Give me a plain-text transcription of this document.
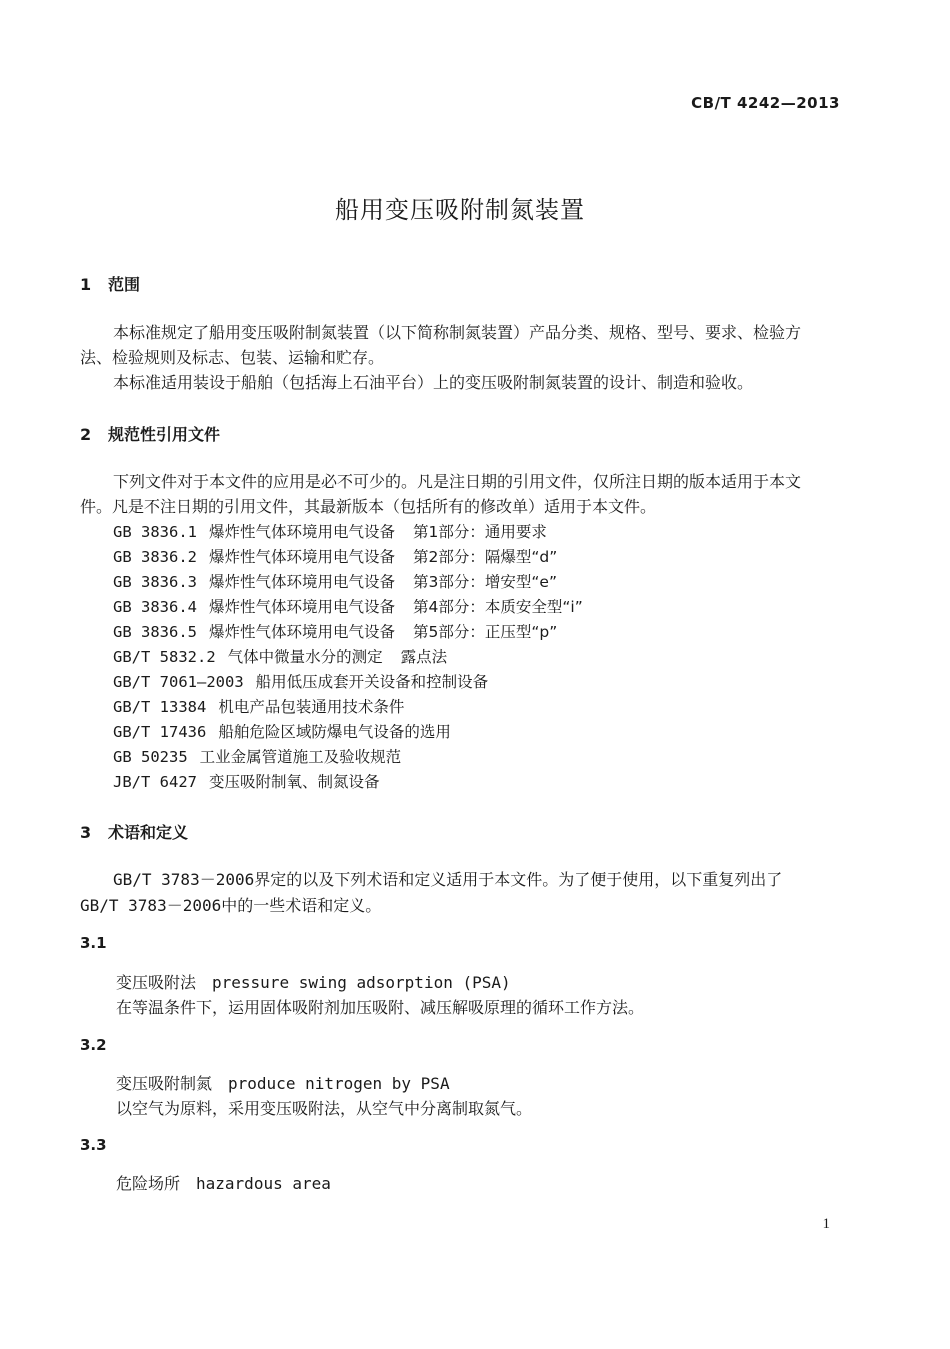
CB/T 4242—2013
船用变压吸附制氮装置
1 范围
本标准规定了船用变压吸附制氮装置（以下简称制氮装置）产品分类、规格、型号、要求、检验方
法、检验规则及标志、包装、运输和贮存。
本标准适用装设于船舶（包括海上石油平台）上的变压吸附制氮装置的设计、制造和验收。
2 规范性引用文件
下列文件对于本文件的应用是必不可少的。凡是注日期的引用文件，仅所注日期的版本适用于本文
件。凡是不注日期的引用文件，其最新版本（包括所有的修改单）适用于本文件。
GB 3836.1 爆炸性气体环境用电气设备 第1部分：通用要求
GB 3836.2 爆炸性气体环境用电气设备 第2部分：隔爆型“d”
GB 3836.3 爆炸性气体环境用电气设备 第3部分：增安型“e”
GB 3836.4 爆炸性气体环境用电气设备 第4部分：本质安全型“i”
GB 3836.5 爆炸性气体环境用电气设备 第5部分：正压型“p”
GB/T 5832.2 气体中微量水分的测定 露点法
GB/T 7061—2003 船用低压成套开关设备和控制设备
GB/T 13384 机电产品包装通用技术条件
GB/T 17436 船舶危险区域防爆电气设备的选用
GB 50235 工业金属管道施工及验收规范
JB/T 6427 变压吸附制氧、制氮设备
3 术语和定义
GB/T 3783－2006界定的以及下列术语和定义适用于本文件。为了便于使用，以下重复列出了
GB/T 3783－2006中的一些术语和定义。
3.1
变压吸附法 pressure swing adsorption (PSA)
在等温条件下，运用固体吸附剂加压吸附、减压解吸原理的循环工作方法。
3.2
变压吸附制氮 produce nitrogen by PSA
以空气为原料，采用变压吸附法，从空气中分离制取氮气。
3.3
危险场所 hazardous area
1
